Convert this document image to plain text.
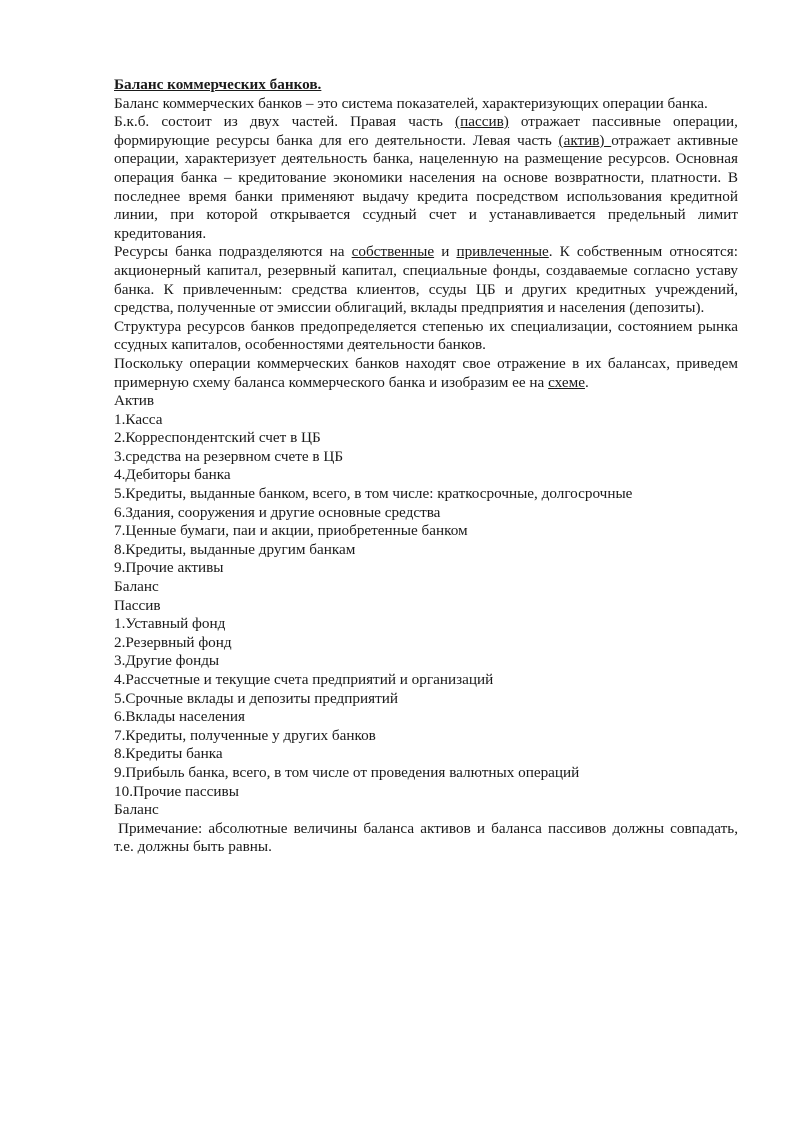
Баланс коммерческих банков.

Баланс коммерческих банков – это система показателей, характеризующих операции банка.

Б.к.б. состоит из двух частей. Правая часть (пассив) отражает пассивные операции, формирующие ресурсы банка для его деятельности. Левая часть (актив) отражает активные операции, характеризует деятельность банка, нацеленную на размещение ресурсов. Основная операция банка – кредитование экономики населения на основе возвратности, платности. В последнее время банки применяют выдачу кредита посредством использования кредитной линии, при которой открывается ссудный счет и устанавливается предельный лимит кредитования.

Ресурсы банка подразделяются на собственные и привлеченные. К собственным относятся: акционерный капитал, резервный капитал, специальные фонды, создаваемые согласно уставу банка. К привлеченным: средства клиентов, ссуды ЦБ и других кредитных учреждений, средства, полученные от эмиссии облигаций, вклады предприятия и населения (депозиты).

Структура ресурсов банков предопределяется степенью их специализации, состоянием рынка ссудных капиталов, особенностями деятельности банков.

Поскольку операции коммерческих банков находят свое отражение в их балансах, приведем примерную схему баланса коммерческого банка и изобразим ее на схеме.

Актив

1.Касса

2.Корреспондентский счет в ЦБ

3.средства на резервном счете в ЦБ

4.Дебиторы банка

5.Кредиты, выданные банком, всего, в том числе: краткосрочные, долгосрочные

6.Здания, сооружения и другие основные средства

7.Ценные бумаги, паи и акции, приобретенные банком

8.Кредиты, выданные другим банкам

9.Прочие активы

Баланс

Пассив

1.Уставный фонд

2.Резервный фонд

3.Другие фонды

4.Рассчетные и текущие счета предприятий и организаций

5.Срочные вклады и депозиты предприятий

6.Вклады населения

7.Кредиты, полученные у других банков

8.Кредиты банка

9.Прибыль банка, всего, в том числе от проведения валютных операций

10.Прочие пассивы

Баланс

Примечание: абсолютные величины баланса активов и баланса пассивов должны совпадать, т.е. должны быть равны.
